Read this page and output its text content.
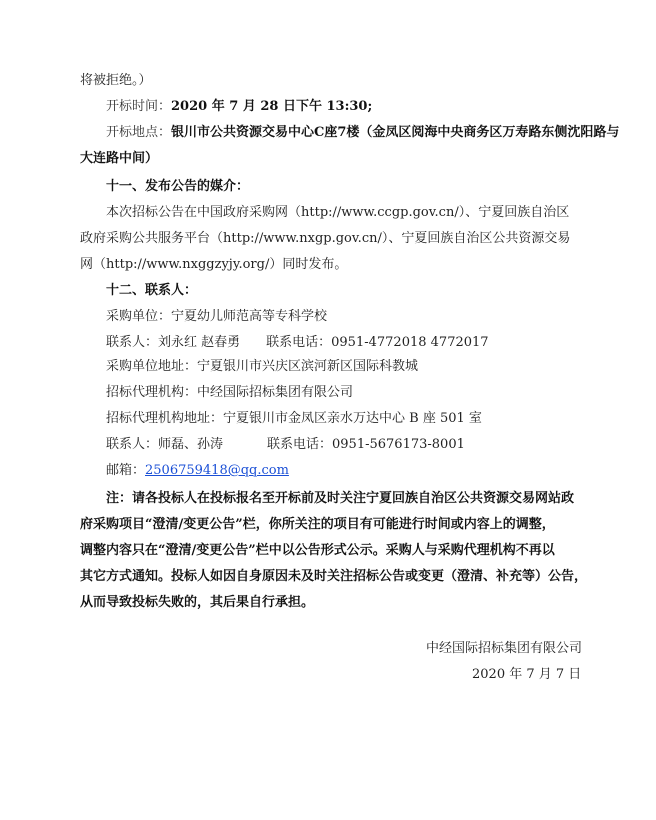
将被拒绝。）
开标时间：2020 年 7 月 28 日下午 13:30;
开标地点：银川市公共资源交易中心C座7楼（金凤区阅海中央商务区万寿路东侧沈阳路与
大连路中间）
十一、发布公告的媒介：
本次招标公告在中国政府采购网（http://www.ccgp.gov.cn/）、宁夏回族自治区
政府采购公共服务平台（http://www.nxgp.gov.cn/）、宁夏回族自治区公共资源交易
网（http://www.nxggzyjy.org/）同时发布。
十二、联系人：
采购单位：宁夏幼儿师范高等专科学校
联系人：刘永红 赵春勇 联系电话：0951-4772018 4772017
采购单位地址：宁夏银川市兴庆区滨河新区国际科教城
招标代理机构：中经国际招标集团有限公司
招标代理机构地址：宁夏银川市金凤区亲水万达中心 B 座 501 室
联系人：师磊、孙涛	联系电话：0951-5676173-8001
邮箱：2506759418@qq.com
注：请各投标人在投标报名至开标前及时关注宁夏回族自治区公共资源交易网站政
府采购项目“澄清/变更公告”栏，你所关注的项目有可能进行时间或内容上的调整，
调整内容只在“澄清/变更公告”栏中以公告形式公示。采购人与采购代理机构不再以
其它方式通知。投标人如因自身原因未及时关注招标公告或变更（澄清、补充等）公告，
从而导致投标失败的，其后果自行承担。
中经国际招标集团有限公司
2020 年 7 月 7 日
